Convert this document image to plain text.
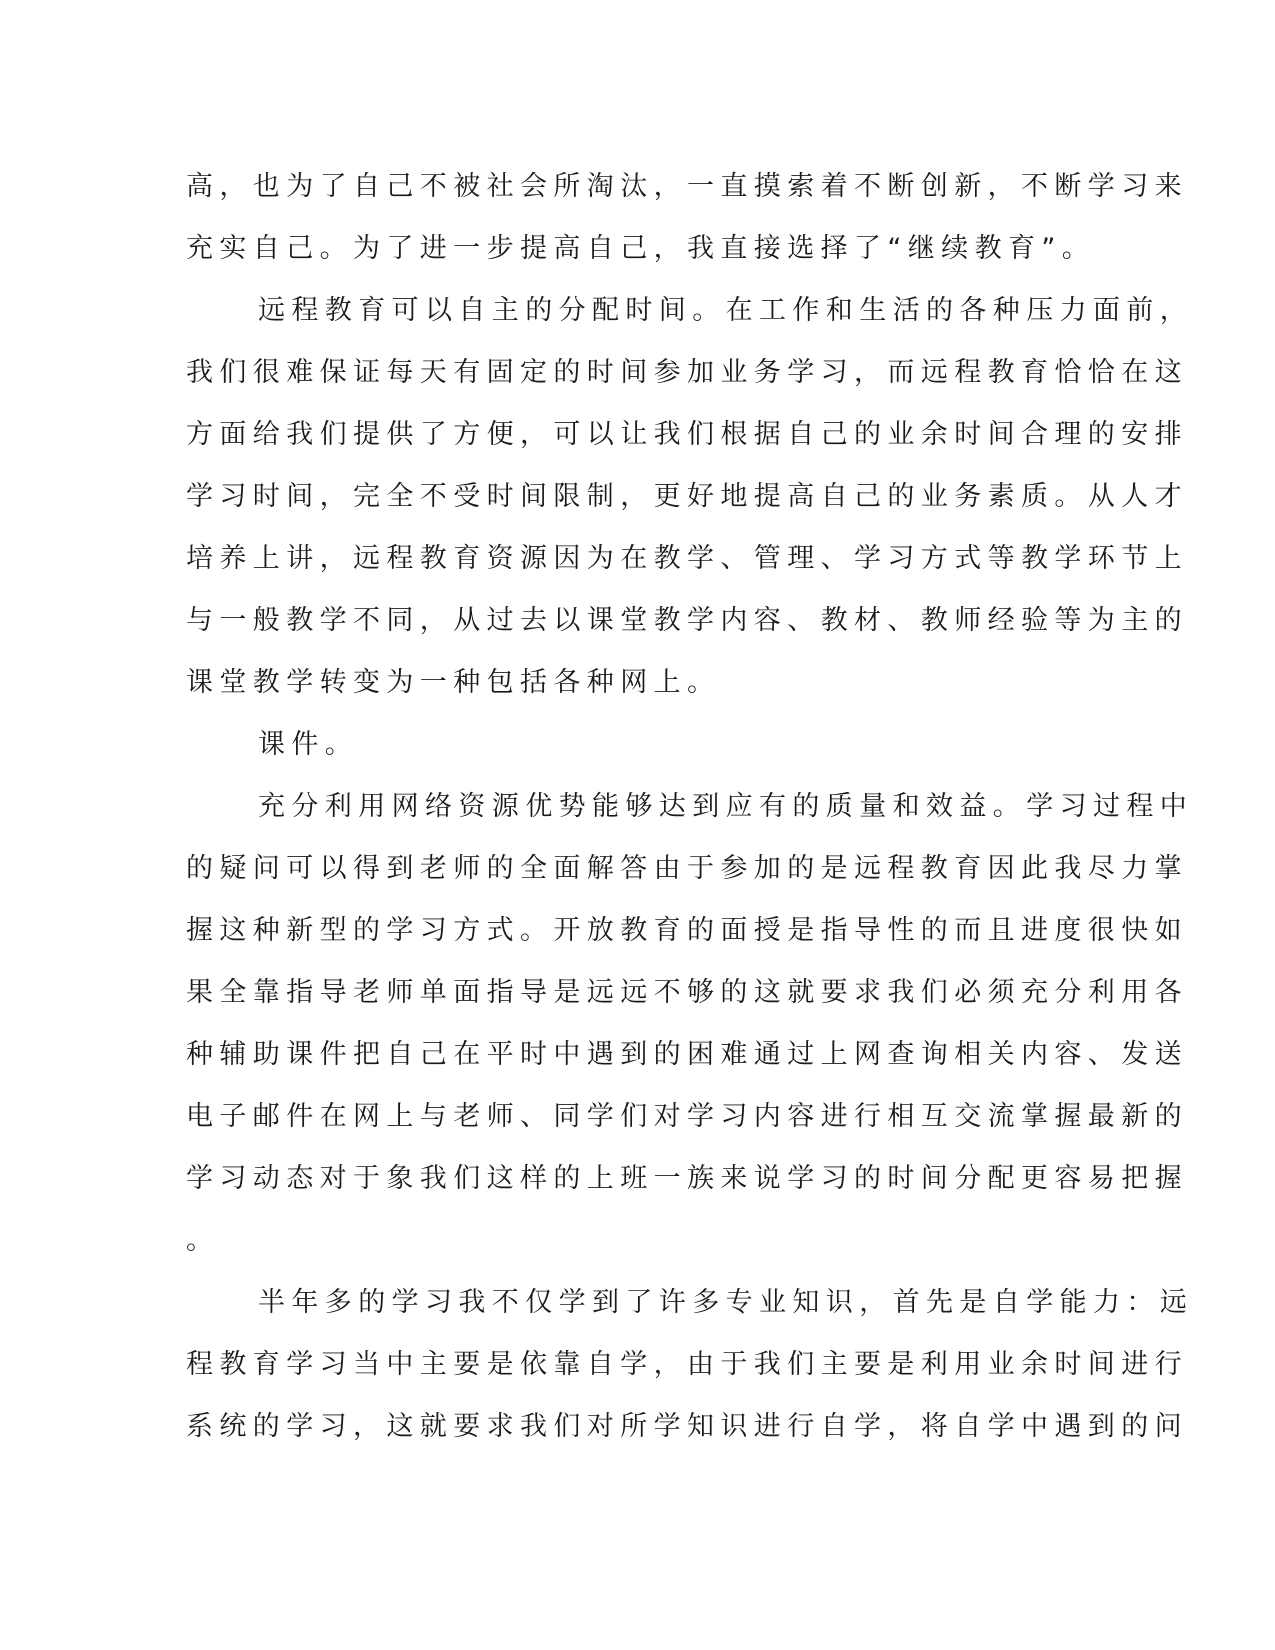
高，也为了自己不被社会所淘汰，一直摸索着不断创新，不断学习来
充实自己。为了进一步提高自己，我直接选择了“继续教育”。
远程教育可以自主的分配时间。在工作和生活的各种压力面前，
我们很难保证每天有固定的时间参加业务学习，而远程教育恰恰在这
方面给我们提供了方便，可以让我们根据自己的业余时间合理的安排
学习时间，完全不受时间限制，更好地提高自己的业务素质。从人才
培养上讲，远程教育资源因为在教学、管理、学习方式等教学环节上
与一般教学不同，从过去以课堂教学内容、教材、教师经验等为主的
课堂教学转变为一种包括各种网上。
课件。
充分利用网络资源优势能够达到应有的质量和效益。学习过程中
的疑问可以得到老师的全面解答由于参加的是远程教育因此我尽力掌
握这种新型的学习方式。开放教育的面授是指导性的而且进度很快如
果全靠指导老师单面指导是远远不够的这就要求我们必须充分利用各
种辅助课件把自己在平时中遇到的困难通过上网查询相关内容、发送
电子邮件在网上与老师、同学们对学习内容进行相互交流掌握最新的
学习动态对于象我们这样的上班一族来说学习的时间分配更容易把握
。
半年多的学习我不仅学到了许多专业知识，首先是自学能力：远
程教育学习当中主要是依靠自学，由于我们主要是利用业余时间进行
系统的学习，这就要求我们对所学知识进行自学，将自学中遇到的问
